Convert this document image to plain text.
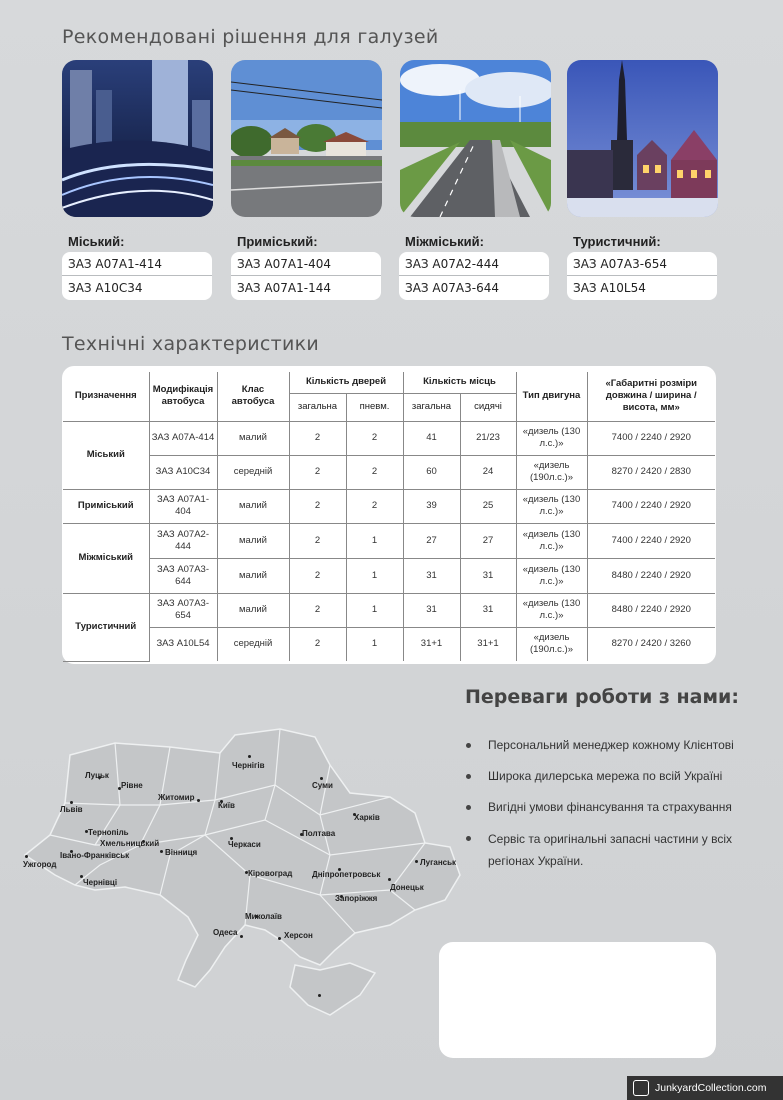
Рекомендовані рішення для галузей
Міський:
ЗАЗ А07А1-414
ЗАЗ А10С34
Приміський:
ЗАЗ А07А1-404
ЗАЗ А07А1-144
Міжміський:
ЗАЗ А07А2-444
ЗАЗ А07А3-644
Туристичний:
ЗАЗ А07А3-654
ЗАЗ А10L54
Технічні характеристики
Призначення	Модифікація автобуса	Клас автобуса	Кількість дверей		Кількість місць		Тип двигуна	«Габаритні розміри довжина / ширина / висота, мм»
			загальна	пневм.	загальна	сидячі		
Міський	ЗАЗ А07А-414	малий	2	2	41	21/23	«дизель (130 л.с.)»	7400 / 2240 / 2920
	ЗАЗ А10С34	середній	2	2	60	24	«дизель (190л.с.)»	8270 / 2420 / 2830
Приміський	ЗАЗ А07А1-404	малий	2	2	39	25	«дизель (130 л.с.)»	7400 / 2240 / 2920
Міжміський	ЗАЗ А07А2-444	малий	2	1	27	27	«дизель (130 л.с.)»	7400 / 2240 / 2920
	ЗАЗ А07А3-644	малий	2	1	31	31	«дизель (130 л.с.)»	8480 / 2240 / 2920
Туристичний	ЗАЗ А07А3-654	малий	2	1	31	31	«дизель (130 л.с.)»	8480 / 2240 / 2920
	ЗАЗ А10L54	середній	2	1	31+1	31+1	«дизель (190л.с.)»	8270 / 2420 / 3260
Переваги роботи з нами:
Персональний менеджер кожному Клієнтові
Широка дилерська мережа по всій Україні
Вигідні умови фінансування та страхування
Сервіс та оригінальні запасні частини у всіх регіонах України.
Луцьк
Рівне
Житомир
Чернігів
Суми
Львів	Київ
Харків
Тернопіль
Хмельницький
Полтава
Ужгород
Івано-Франківськ	Вінниця
Черкаси
Луганськ
Чернівці
Кіровоград Дніпропетровськ
Донецьк
Запоріжжя
Миколаїв
Одеса	Херсон
JunkyardCollection.com
